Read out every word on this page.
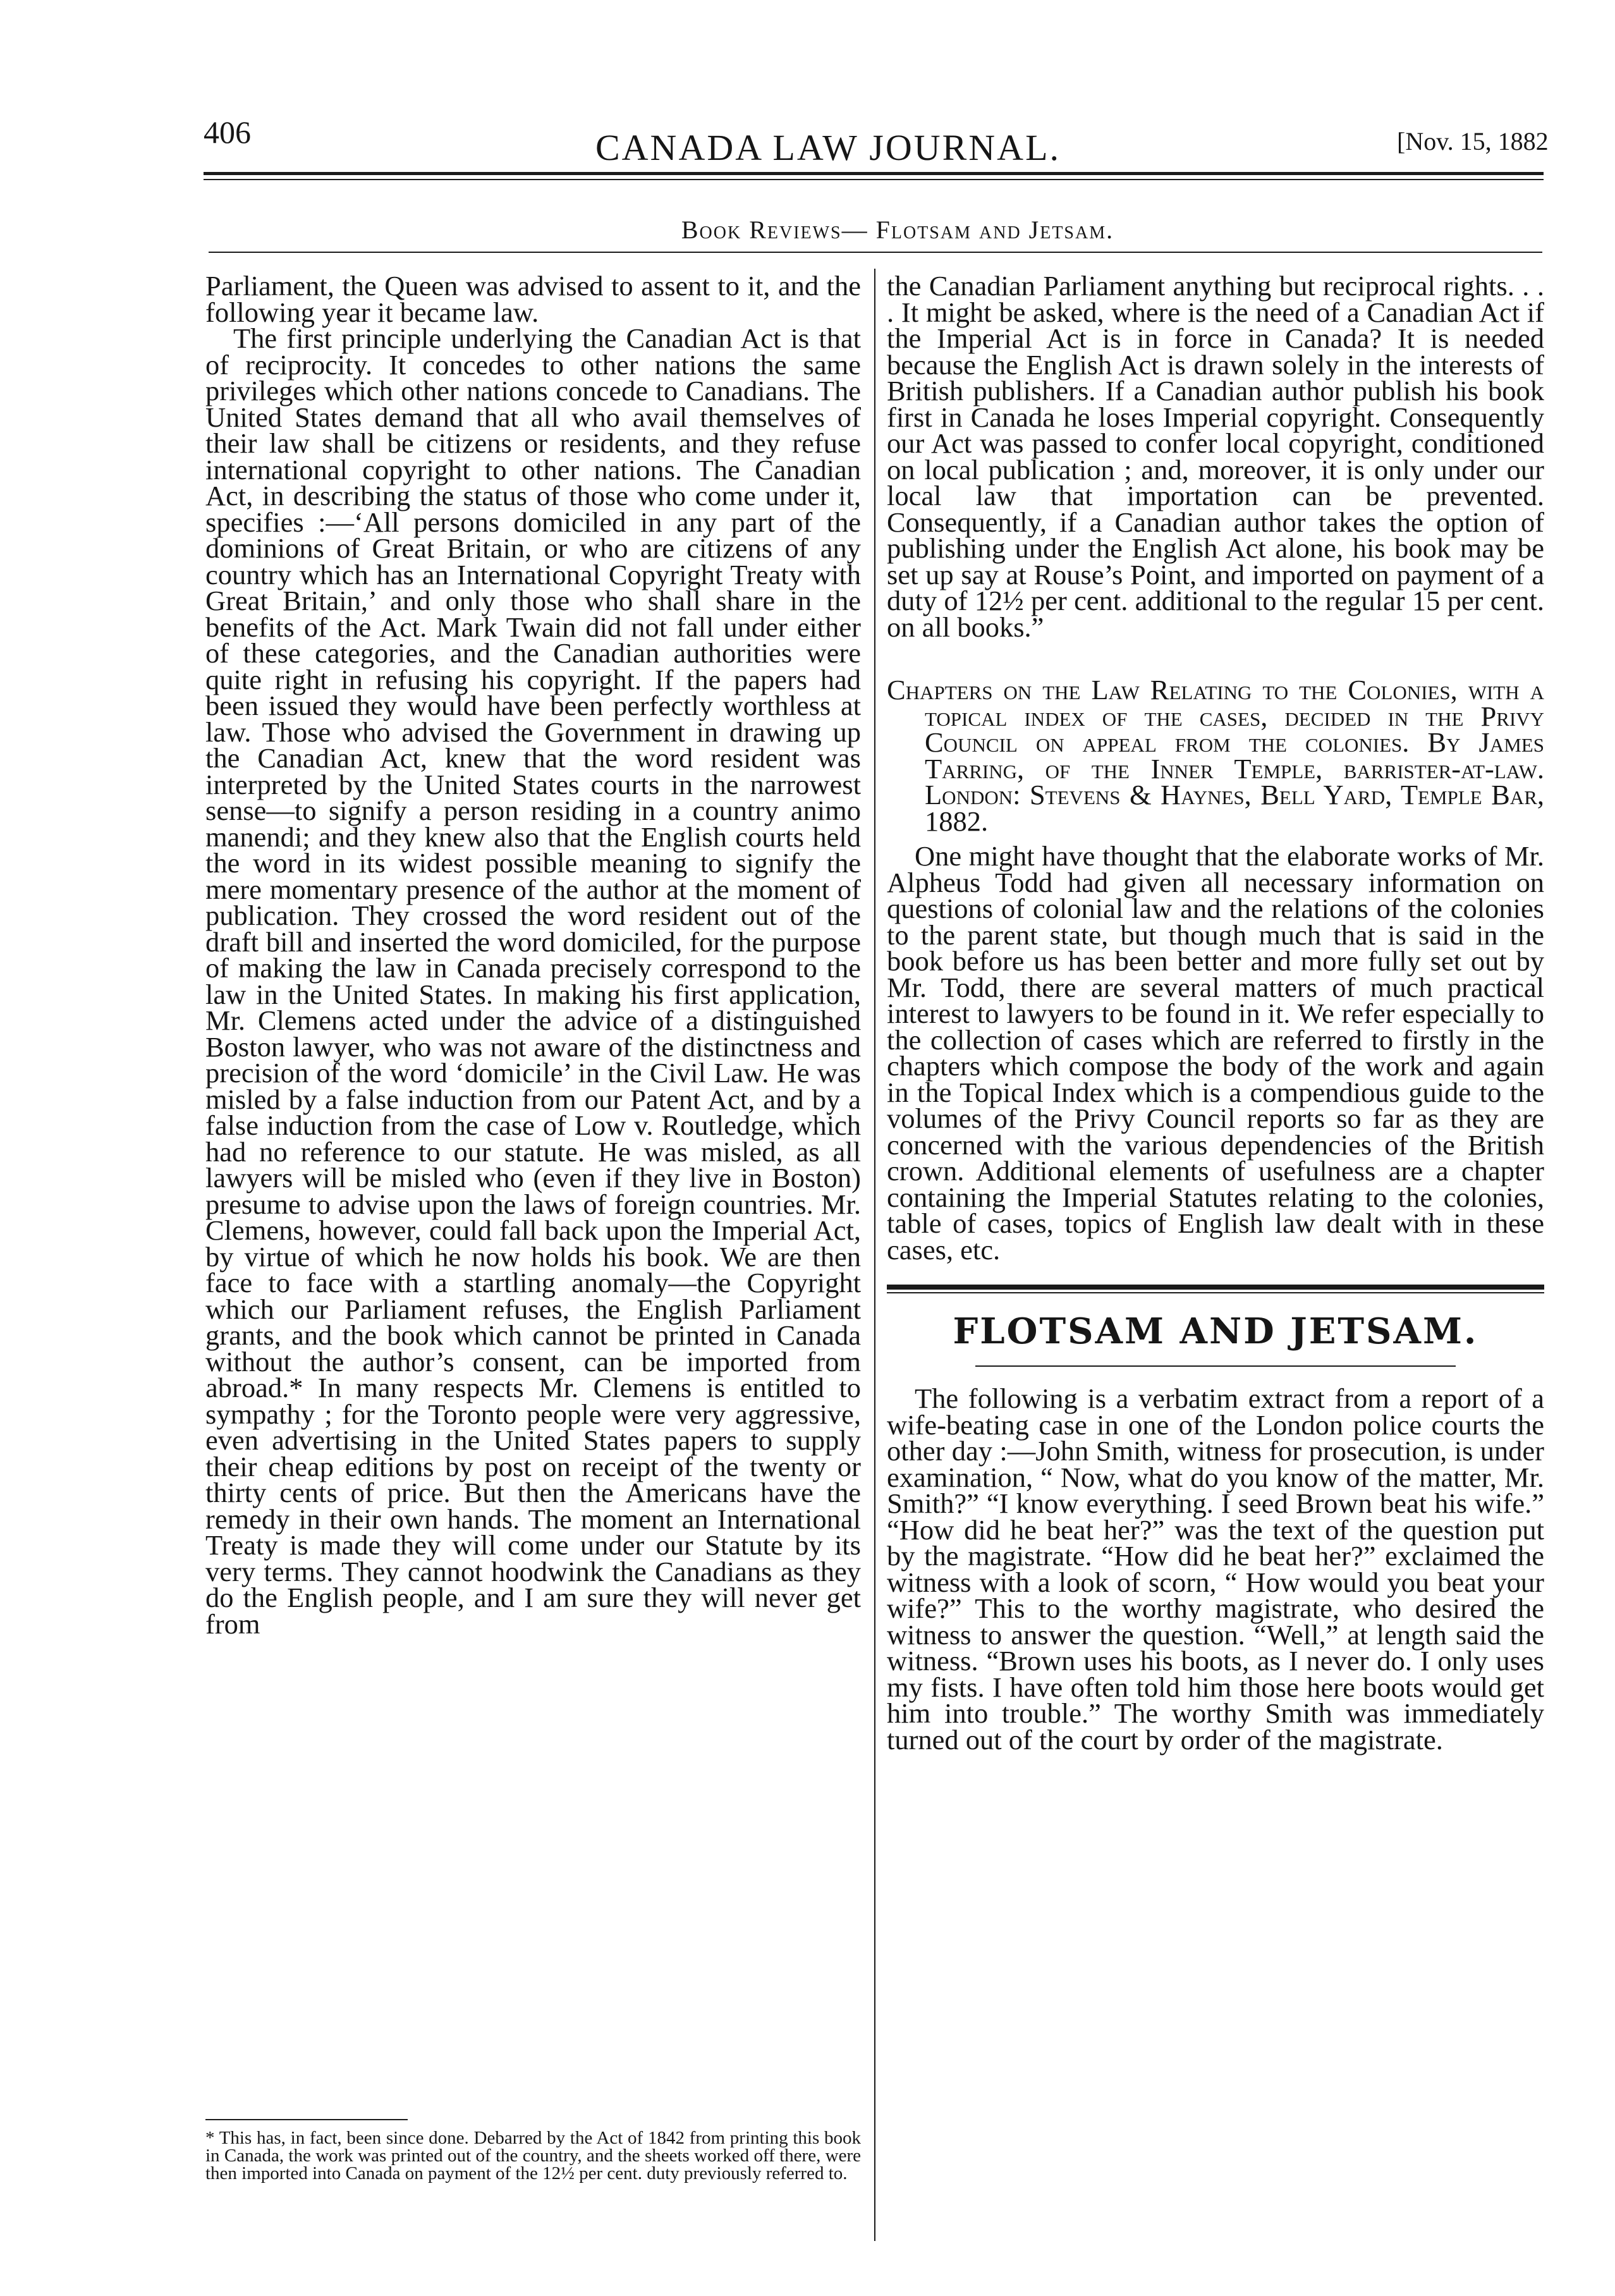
406	CANADA LAW JOURNAL.	[Nov. 15, 1882
Book Reviews— Flotsam and Jetsam.

Parliament, the Queen was advised to assent to it, and the following year it became law.

The first principle underlying the Canadian Act is that of reciprocity. It concedes to other nations the same privileges which other nations concede to Canadians. The United States demand that all who avail themselves of their law shall be citizens or residents, and they refuse international copyright to other nations. The Canadian Act, in describing the status of those who come under it, specifies :—‘All persons domiciled in any part of the dominions of Great Britain, or who are citizens of any country which has an International Copyright Treaty with Great Britain,’ and only those who shall share in the benefits of the Act. Mark Twain did not fall under either of these categories, and the Canadian authorities were quite right in refusing his copyright. If the papers had been issued they would have been perfectly worthless at law. Those who advised the Government in drawing up the Canadian Act, knew that the word resident was interpreted by the United States courts in the narrowest sense—to signify a person residing in a country animo manendi; and they knew also that the English courts held the word in its widest possible meaning to signify the mere momentary presence of the author at the moment of publication. They crossed the word resident out of the draft bill and inserted the word domiciled, for the purpose of making the law in Canada precisely correspond to the law in the United States. In making his first application, Mr. Clemens acted under the advice of a distinguished Boston lawyer, who was not aware of the distinctness and precision of the word ‘domicile’ in the Civil Law. He was misled by a false induction from our Patent Act, and by a false induction from the case of Low v. Routledge, which had no reference to our statute. He was misled, as all lawyers will be misled who (even if they live in Boston) presume to advise upon the laws of foreign countries. Mr. Clemens, however, could fall back upon the Imperial Act, by virtue of which he now holds his book. We are then face to face with a startling anomaly—the Copyright which our Parliament refuses, the English Parliament grants, and the book which cannot be printed in Canada without the author’s consent, can be imported from abroad.* In many respects Mr. Clemens is entitled to sympathy ; for the Toronto people were very aggressive, even advertising in the United States papers to supply their cheap editions by post on receipt of the twenty or thirty cents of price. But then the Americans have the remedy in their own hands. The moment an International Treaty is made they will come under our Statute by its very terms. They cannot hoodwink the Canadians as they do the English people, and I am sure they will never get from

the Canadian Parliament anything but reciprocal rights. . . . It might be asked, where is the need of a Canadian Act if the Imperial Act is in force in Canada? It is needed because the English Act is drawn solely in the interests of British publishers. If a Canadian author publish his book first in Canada he loses Imperial copyright. Consequently our Act was passed to confer local copyright, conditioned on local publication ; and, moreover, it is only under our local law that importation can be prevented. Consequently, if a Canadian author takes the option of publishing under the English Act alone, his book may be set up say at Rouse’s Point, and imported on payment of a duty of 12½ per cent. additional to the regular 15 per cent. on all books.”

Chapters on the Law Relating to the Colonies, with a topical index of the cases, decided in the Privy Council on appeal from the colonies. By James Tarring, of the Inner Temple, barrister-at-law. London: Stevens & Haynes, Bell Yard, Temple Bar, 1882.

One might have thought that the elaborate works of Mr. Alpheus Todd had given all necessary information on questions of colonial law and the relations of the colonies to the parent state, but though much that is said in the book before us has been better and more fully set out by Mr. Todd, there are several matters of much practical interest to lawyers to be found in it. We refer especially to the collection of cases which are referred to firstly in the chapters which compose the body of the work and again in the Topical Index which is a compendious guide to the volumes of the Privy Council reports so far as they are concerned with the various dependencies of the British crown. Additional elements of usefulness are a chapter containing the Imperial Statutes relating to the colonies, table of cases, topics of English law dealt with in these cases, etc.

FLOTSAM AND JETSAM.

The following is a verbatim extract from a report of a wife-beating case in one of the London police courts the other day :—John Smith, witness for prosecution, is under examination, “ Now, what do you know of the matter, Mr. Smith?” “I know everything. I seed Brown beat his wife.” “How did he beat her?” was the text of the question put by the magistrate. “How did he beat her?” exclaimed the witness with a look of scorn, “ How would you beat your wife?” This to the worthy magistrate, who desired the witness to answer the question. “Well,” at length said the witness. “Brown uses his boots, as I never do. I only uses my fists. I have often told him those here boots would get him into trouble.” The worthy Smith was immediately turned out of the court by order of the magistrate.

* This has, in fact, been since done. Debarred by the Act of 1842 from printing this book in Canada, the work was printed out of the country, and the sheets worked off there, were then imported into Canada on payment of the 12½ per cent. duty previously referred to.
